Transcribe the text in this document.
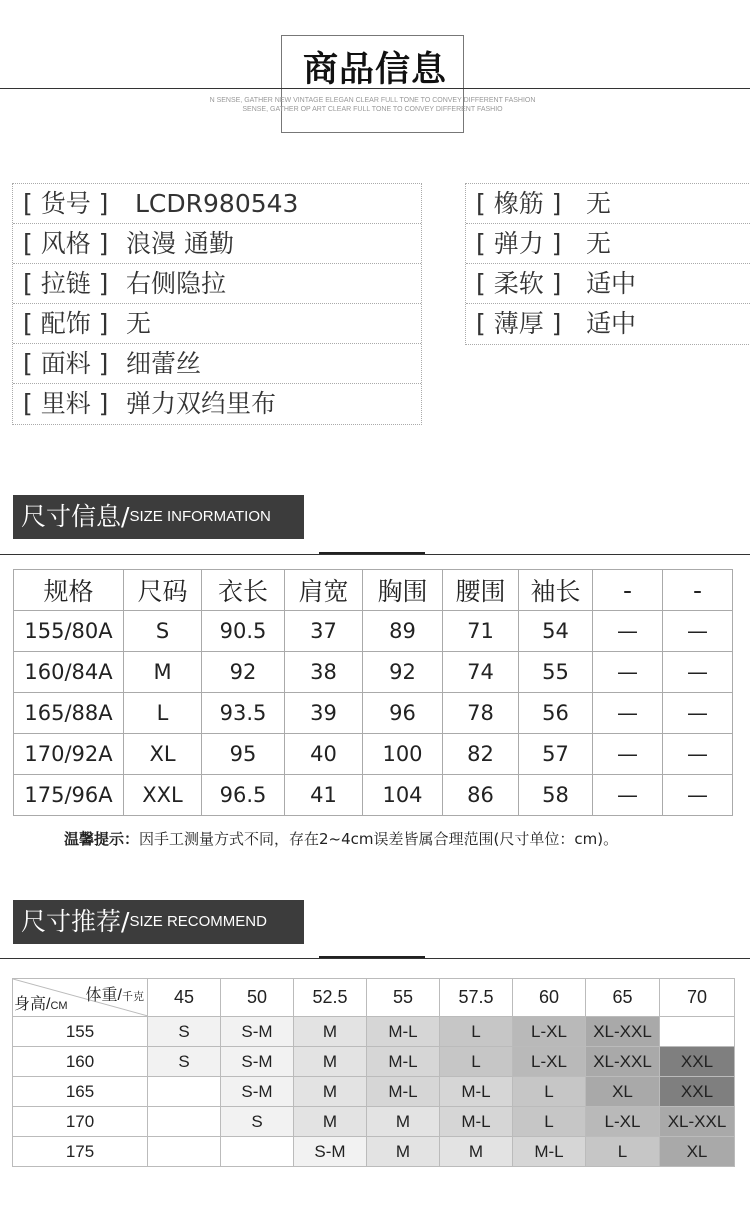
商品信息
N SENSE, GATHER NEW VINTAGE ELEGAN CLEAR FULL TONE TO CONVEY DIFFERENT FASHION SENSE, GATHER OP ART CLEAR FULL TONE TO CONVEY DIFFERENT FASHIO
[ 货号 ] LCDR980543
[ 风格 ] 浪漫 通勤
[ 拉链 ] 右侧隐拉
[ 配饰 ] 无
[ 面料 ] 细蕾丝
[ 里料 ] 弹力双绉里布
[ 橡筋 ] 无
[ 弹力 ] 无
[ 柔软 ] 适中
[ 薄厚 ] 适中
尺寸信息/SIZE INFORMATION
规格	尺码	衣长	肩宽	胸围	腰围	袖长	-	-
155/80A	S	90.5	37	89	71	54	—	—
160/84A	M	92	38	92	74	55	—	—
165/88A	L	93.5	39	96	78	56	—	—
170/92A	XL	95	40	100	82	57	—	—
175/96A	XXL	96.5	41	104	86	58	—	—
温馨提示：因手工测量方式不同，存在2~4cm误差皆属合理范围(尺寸单位：cm)。
尺寸推荐/SIZE RECOMMEND
体重/千克
身高/CM	45	50	52.5	55	57.5	60	65	70
155	S	S-M	M	M-L	L	L-XL	XL-XXL	
160	S	S-M	M	M-L	L	L-XL	XL-XXL	XXL
165		S-M	M	M-L	M-L	L	XL	XXL
170		S	M	M	M-L	L	L-XL	XL-XXL
175			S-M	M	M	M-L	L	XL
